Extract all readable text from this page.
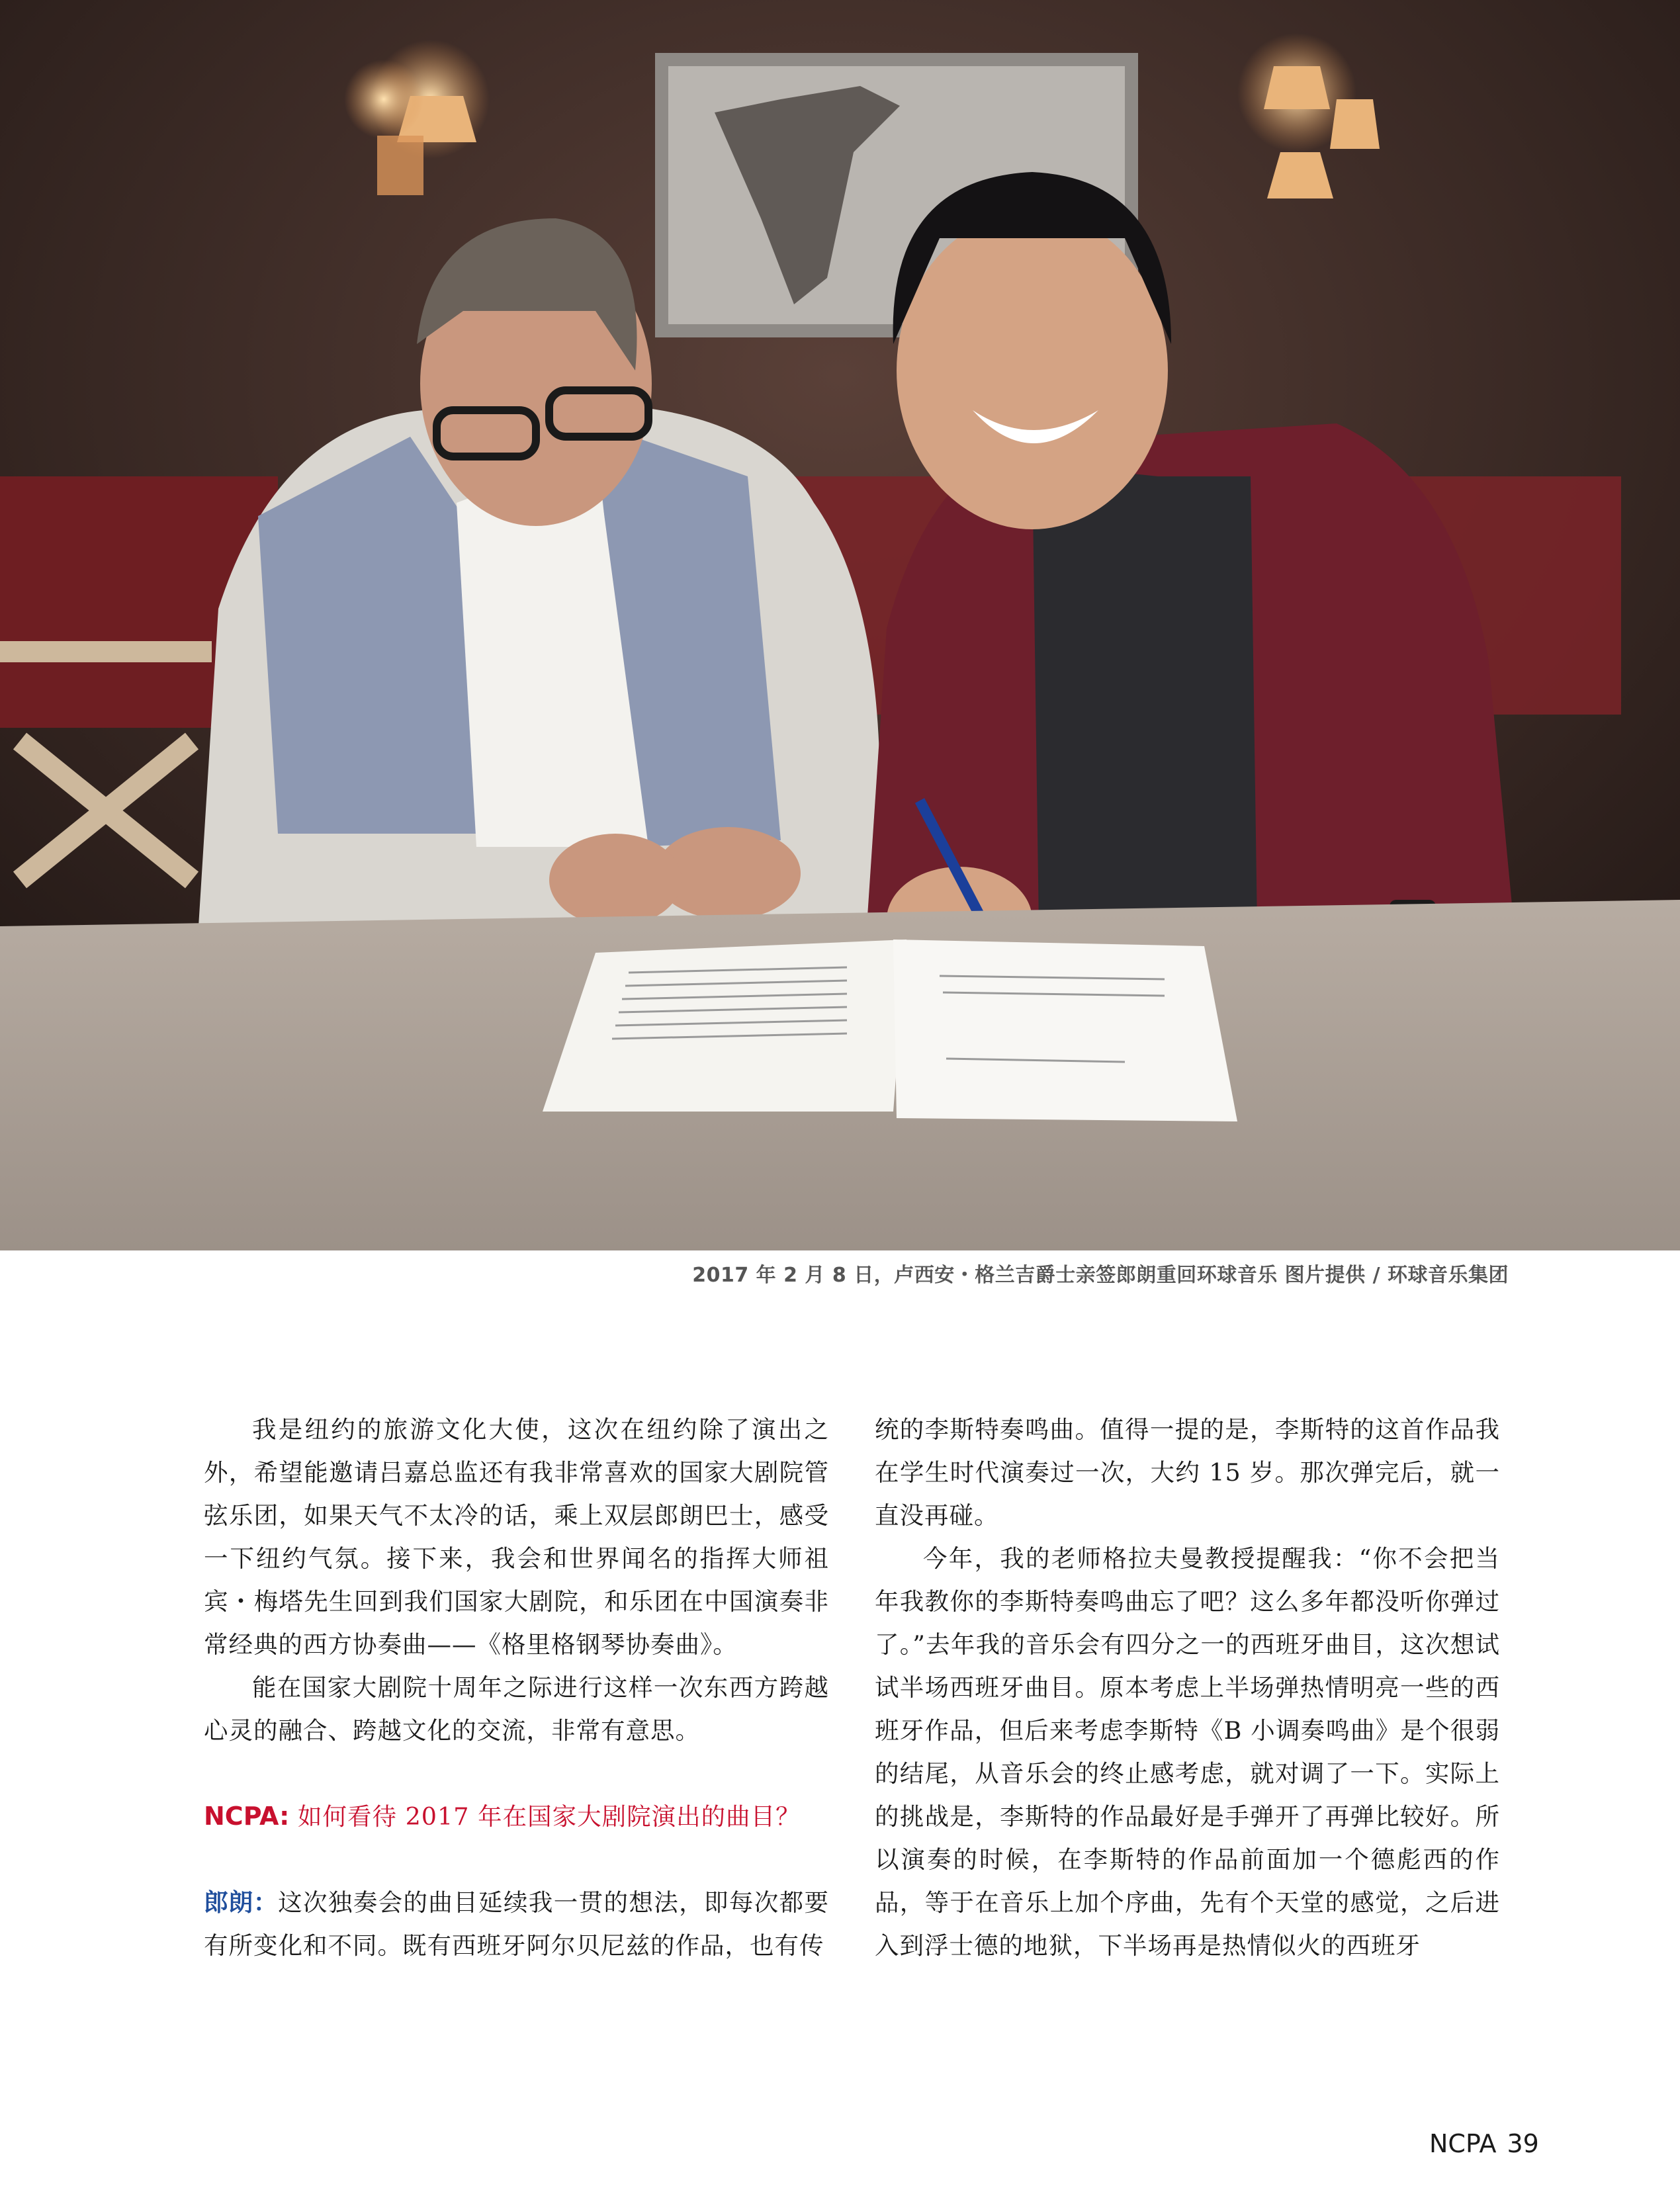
2017 年 2 月 8 日，卢西安・格兰吉爵士亲签郎朗重回环球音乐 图片提供 / 环球音乐集团

我是纽约的旅游文化大使，这次在纽约除了演出之外，希望能邀请吕嘉总监还有我非常喜欢的国家大剧院管弦乐团，如果天气不太冷的话，乘上双层郎朗巴士，感受一下纽约气氛。接下来，我会和世界闻名的指挥大师祖宾・梅塔先生回到我们国家大剧院，和乐团在中国演奏非常经典的西方协奏曲——《格里格钢琴协奏曲》。

能在国家大剧院十周年之际进行这样一次东西方跨越心灵的融合、跨越文化的交流，非常有意思。

NCPA: 如何看待 2017 年在国家大剧院演出的曲目？

郎朗：这次独奏会的曲目延续我一贯的想法，即每次都要有所变化和不同。既有西班牙阿尔贝尼兹的作品，也有传

统的李斯特奏鸣曲。值得一提的是，李斯特的这首作品我在学生时代演奏过一次，大约 15 岁。那次弹完后，就一直没再碰。

今年，我的老师格拉夫曼教授提醒我：“你不会把当年我教你的李斯特奏鸣曲忘了吧？这么多年都没听你弹过了。”去年我的音乐会有四分之一的西班牙曲目，这次想试试半场西班牙曲目。原本考虑上半场弹热情明亮一些的西班牙作品，但后来考虑李斯特《B 小调奏鸣曲》是个很弱的结尾，从音乐会的终止感考虑，就对调了一下。实际上的挑战是，李斯特的作品最好是手弹开了再弹比较好。所以演奏的时候，在李斯特的作品前面加一个德彪西的作品，等于在音乐上加个序曲，先有个天堂的感觉，之后进入到浮士德的地狱，下半场再是热情似火的西班牙

NCPA 39
